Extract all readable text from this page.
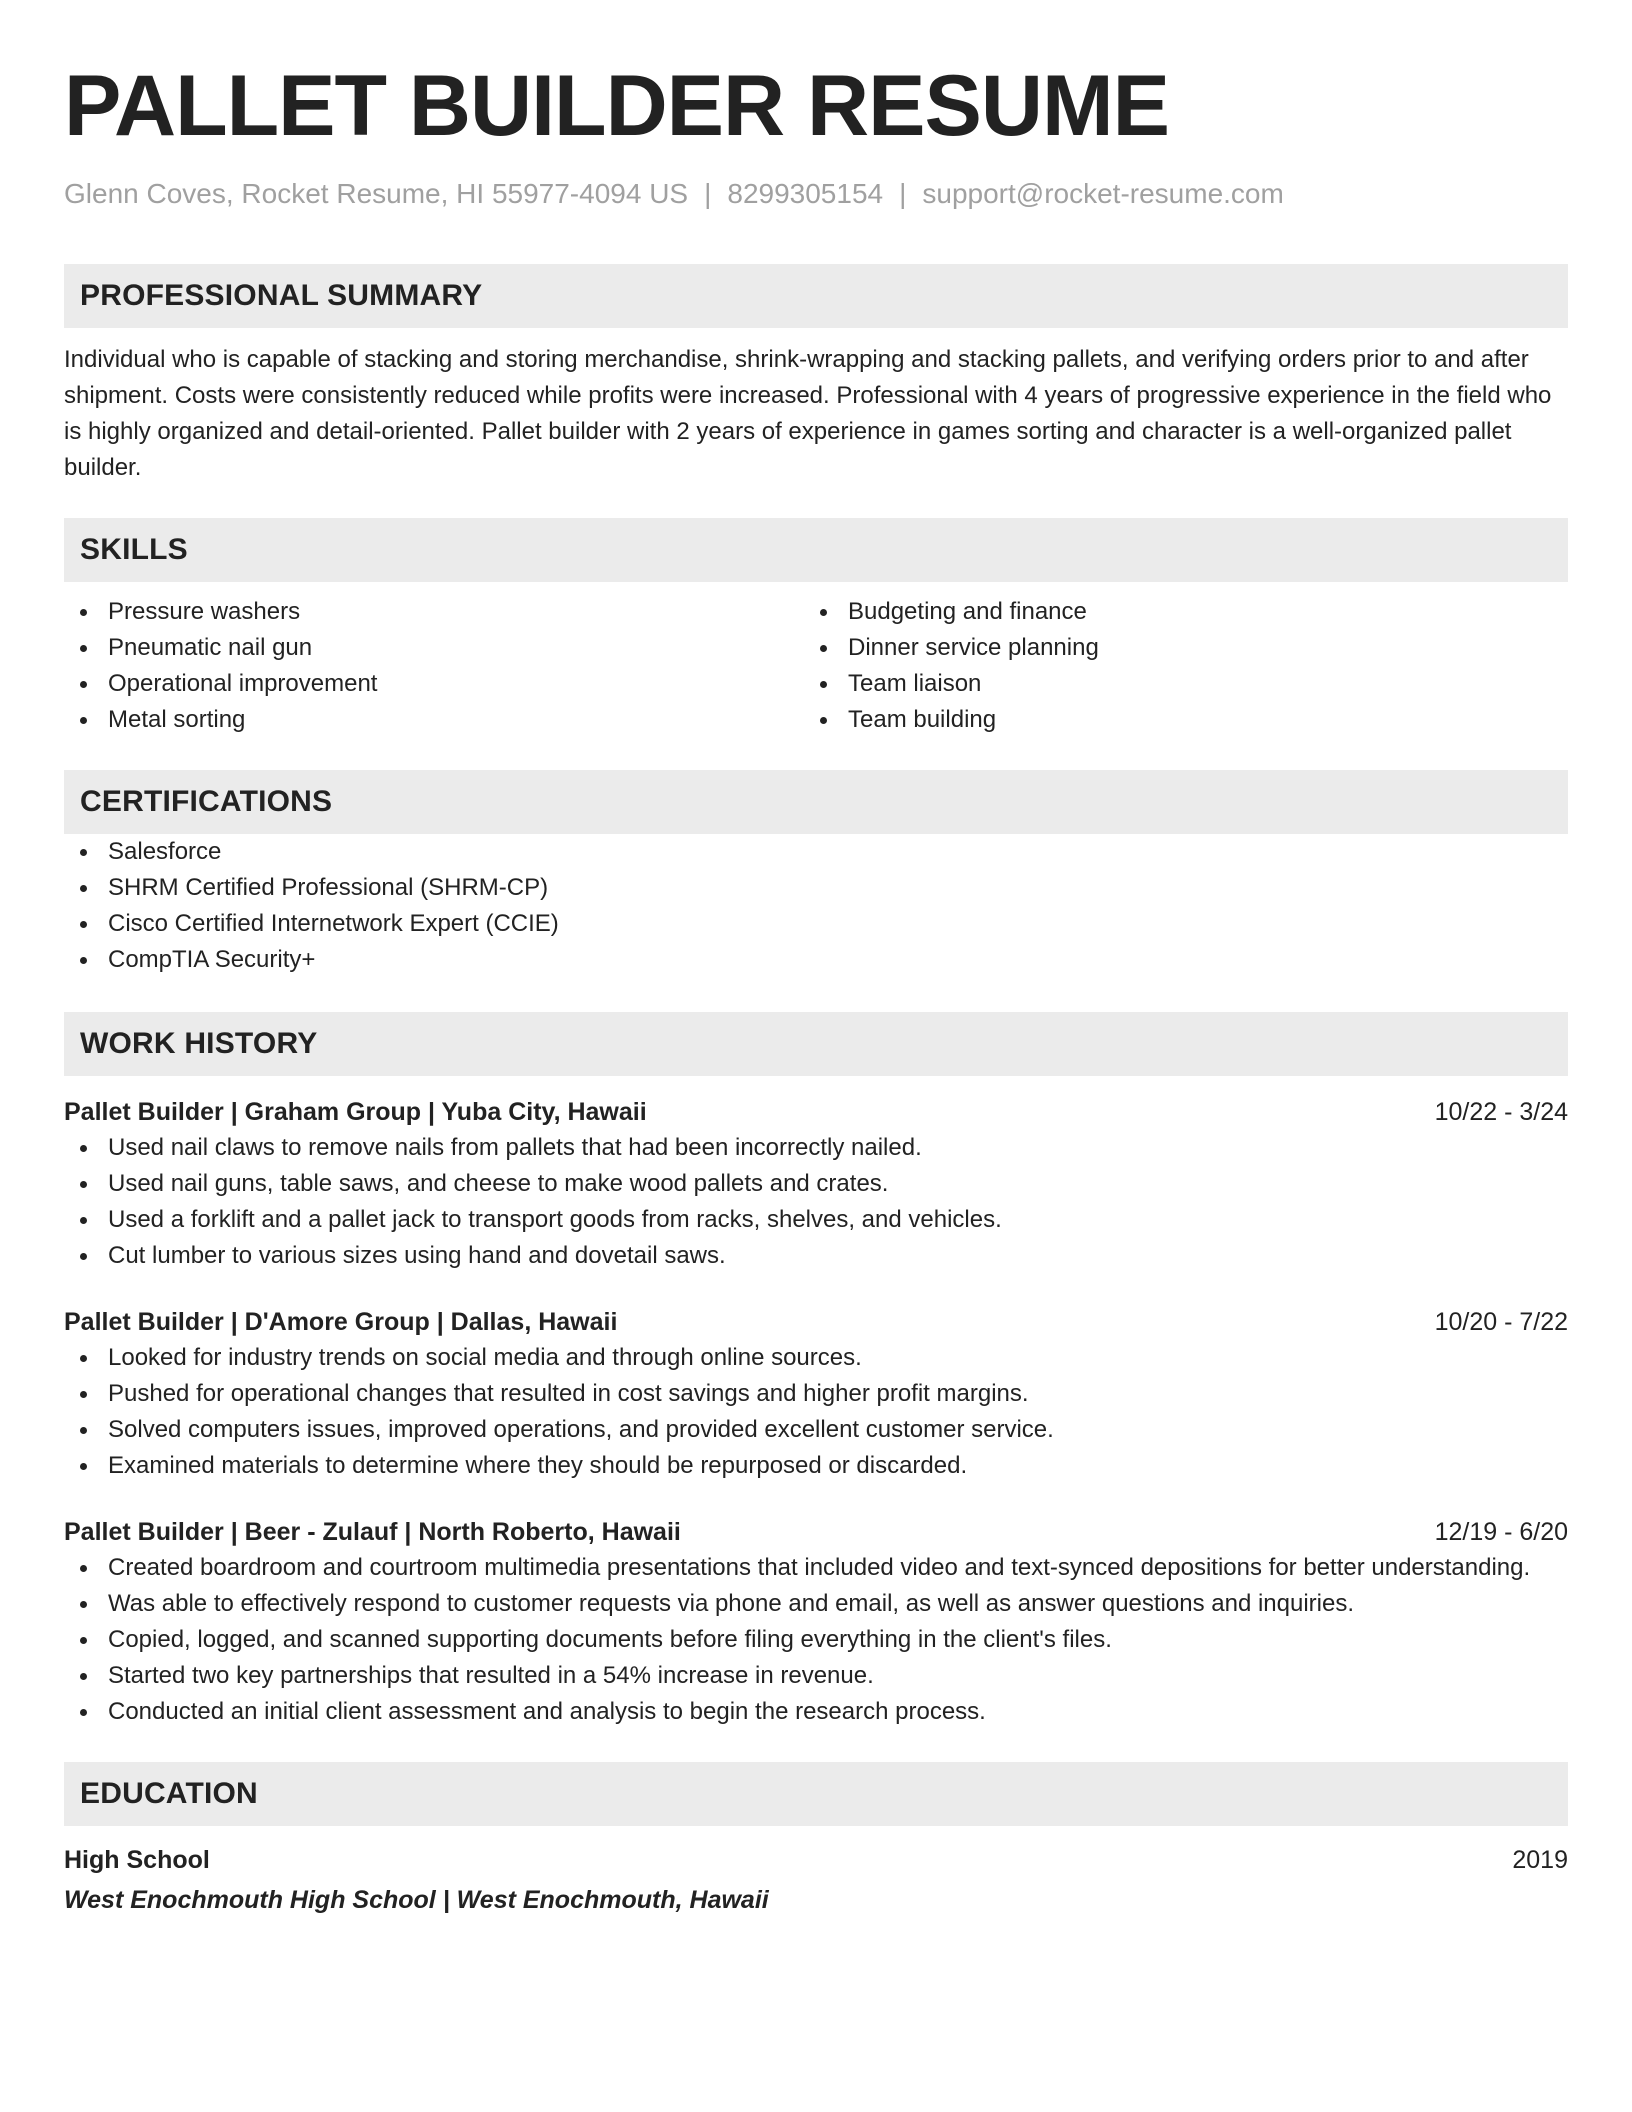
PALLET BUILDER RESUME
Glenn Coves, Rocket Resume, HI 55977-4094 US | 8299305154 | support@rocket-resume.com
PROFESSIONAL SUMMARY
Individual who is capable of stacking and storing merchandise, shrink-wrapping and stacking pallets, and verifying orders prior to and after shipment. Costs were consistently reduced while profits were increased. Professional with 4 years of progressive experience in the field who is highly organized and detail-oriented. Pallet builder with 2 years of experience in games sorting and character is a well-organized pallet builder.
SKILLS
Pressure washers
Pneumatic nail gun
Operational improvement
Metal sorting
Budgeting and finance
Dinner service planning
Team liaison
Team building
CERTIFICATIONS
Salesforce
SHRM Certified Professional (SHRM-CP)
Cisco Certified Internetwork Expert (CCIE)
CompTIA Security+
WORK HISTORY
Pallet Builder | Graham Group | Yuba City, Hawaii	10/22 - 3/24
Used nail claws to remove nails from pallets that had been incorrectly nailed.
Used nail guns, table saws, and cheese to make wood pallets and crates.
Used a forklift and a pallet jack to transport goods from racks, shelves, and vehicles.
Cut lumber to various sizes using hand and dovetail saws.
Pallet Builder | D'Amore Group | Dallas, Hawaii	10/20 - 7/22
Looked for industry trends on social media and through online sources.
Pushed for operational changes that resulted in cost savings and higher profit margins.
Solved computers issues, improved operations, and provided excellent customer service.
Examined materials to determine where they should be repurposed or discarded.
Pallet Builder | Beer - Zulauf | North Roberto, Hawaii	12/19 - 6/20
Created boardroom and courtroom multimedia presentations that included video and text-synced depositions for better understanding.
Was able to effectively respond to customer requests via phone and email, as well as answer questions and inquiries.
Copied, logged, and scanned supporting documents before filing everything in the client's files.
Started two key partnerships that resulted in a 54% increase in revenue.
Conducted an initial client assessment and analysis to begin the research process.
EDUCATION
High School	2019
West Enochmouth High School | West Enochmouth, Hawaii
